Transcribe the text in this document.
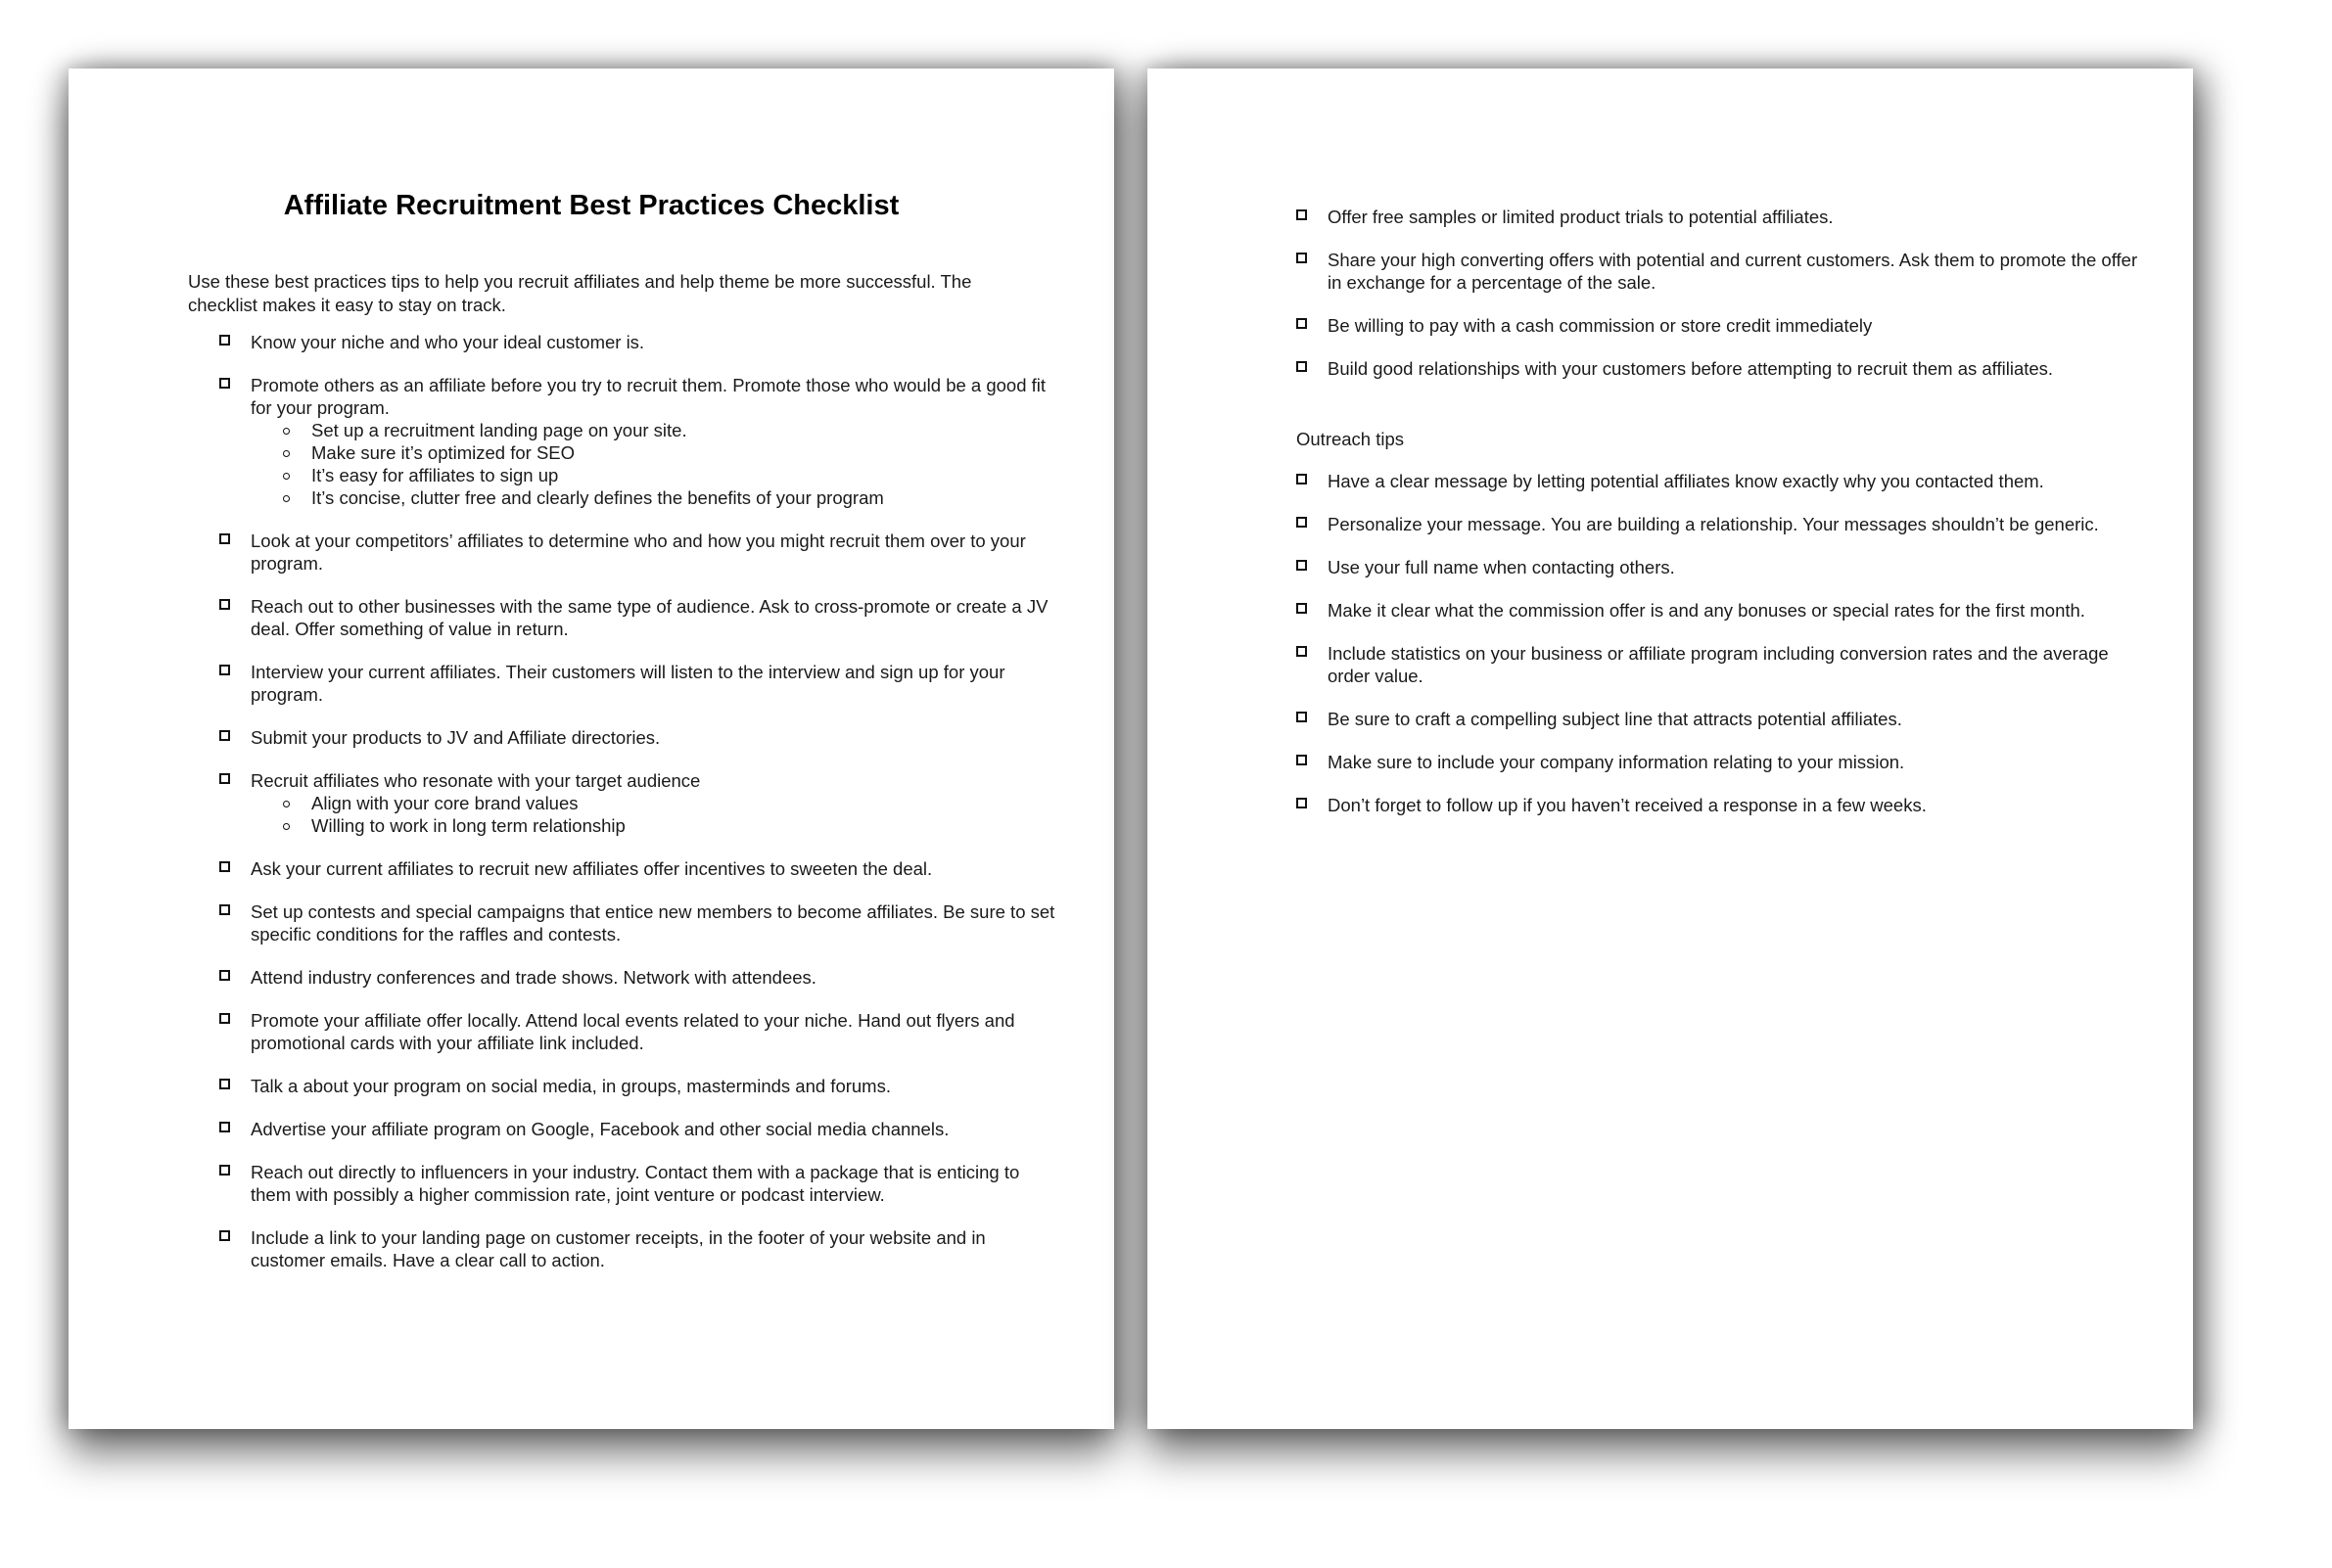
Affiliate Recruitment Best Practices Checklist

Use these best practices tips to help you recruit affiliates and help theme be more successful. The checklist makes it easy to stay on track.

Know your niche and who your ideal customer is.
Promote others as an affiliate before you try to recruit them. Promote those who would be a good fit for your program.
Set up a recruitment landing page on your site.
Make sure it’s optimized for SEO
It’s easy for affiliates to sign up
It’s concise, clutter free and clearly defines the benefits of your program
Look at your competitors’ affiliates to determine who and how you might recruit them over to your program.
Reach out to other businesses with the same type of audience. Ask to cross-promote or create a JV deal. Offer something of value in return.
Interview your current affiliates. Their customers will listen to the interview and sign up for your program.
Submit your products to JV and Affiliate directories.
Recruit affiliates who resonate with your target audience
Align with your core brand values
Willing to work in long term relationship
Ask your current affiliates to recruit new affiliates offer incentives to sweeten the deal.
Set up contests and special campaigns that entice new members to become affiliates. Be sure to set specific conditions for the raffles and contests.
Attend industry conferences and trade shows. Network with attendees.
Promote your affiliate offer locally. Attend local events related to your niche. Hand out flyers and promotional cards with your affiliate link included.
Talk a about your program on social media, in groups, masterminds and forums.
Advertise your affiliate program on Google, Facebook and other social media channels.
Reach out directly to influencers in your industry. Contact them with a package that is enticing to them with possibly a higher commission rate, joint venture or podcast interview.
Include a link to your landing page on customer receipts, in the footer of your website and in customer emails. Have a clear call to action.
Offer free samples or limited product trials to potential affiliates.
Share your high converting offers with potential and current customers. Ask them to promote the offer in exchange for a percentage of the sale.
Be willing to pay with a cash commission or store credit immediately
Build good relationships with your customers before attempting to recruit them as affiliates.

Outreach tips

Have a clear message by letting potential affiliates know exactly why you contacted them.
Personalize your message. You are building a relationship. Your messages shouldn’t be generic.
Use your full name when contacting others.
Make it clear what the commission offer is and any bonuses or special rates for the first month.
Include statistics on your business or affiliate program including conversion rates and the average order value.
Be sure to craft a compelling subject line that attracts potential affiliates.
Make sure to include your company information relating to your mission.
Don’t forget to follow up if you haven’t received a response in a few weeks.
